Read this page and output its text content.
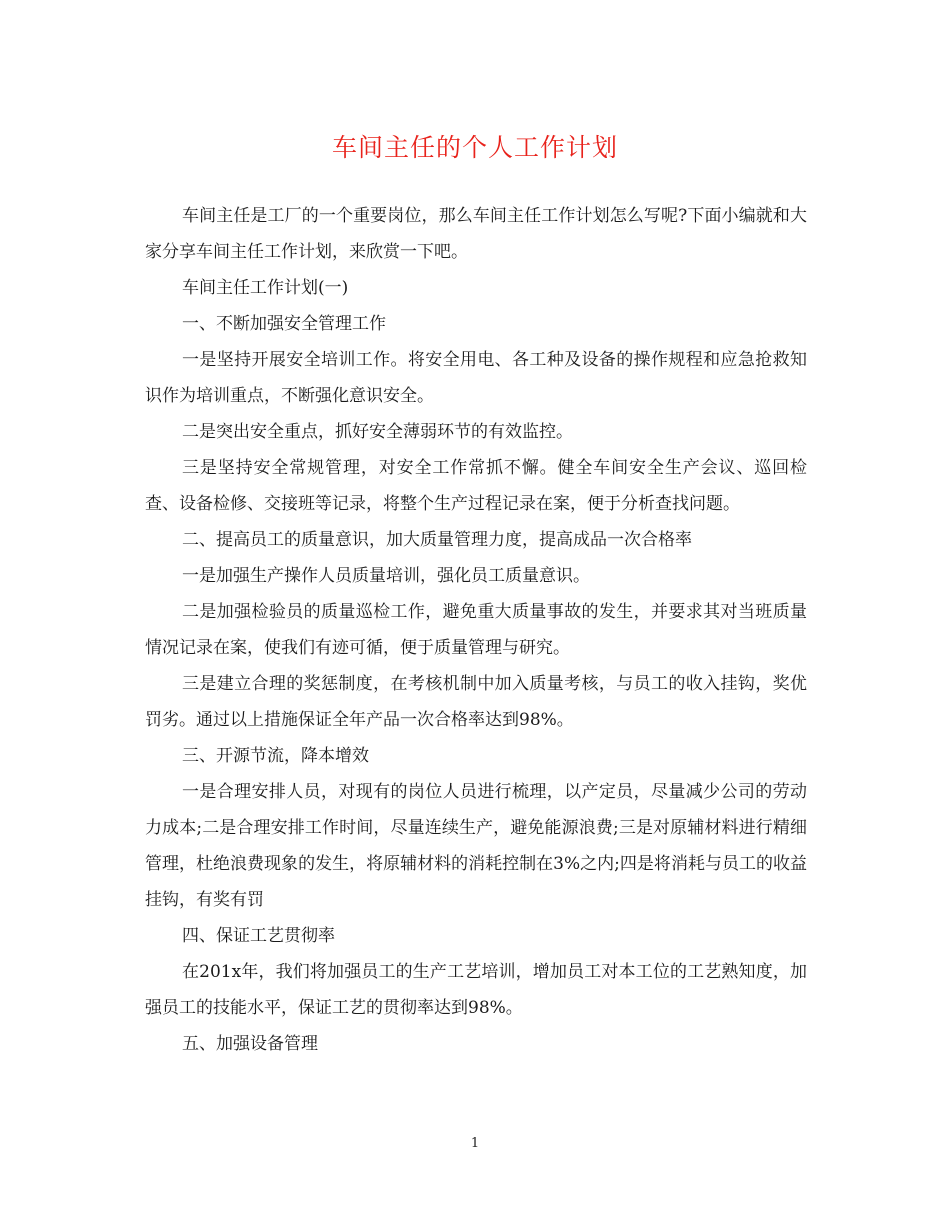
车间主任的个人工作计划

车间主任是工厂的一个重要岗位，那么车间主任工作计划怎么写呢?下面小编就和大家分享车间主任工作计划，来欣赏一下吧。

车间主任工作计划(一)

一、不断加强安全管理工作

一是坚持开展安全培训工作。将安全用电、各工种及设备的操作规程和应急抢救知识作为培训重点，不断强化意识安全。

二是突出安全重点，抓好安全薄弱环节的有效监控。

三是坚持安全常规管理，对安全工作常抓不懈。健全车间安全生产会议、巡回检查、设备检修、交接班等记录，将整个生产过程记录在案，便于分析查找问题。

二、提高员工的质量意识，加大质量管理力度，提高成品一次合格率

一是加强生产操作人员质量培训，强化员工质量意识。

二是加强检验员的质量巡检工作，避免重大质量事故的发生，并要求其对当班质量情况记录在案，使我们有迹可循，便于质量管理与研究。

三是建立合理的奖惩制度，在考核机制中加入质量考核，与员工的收入挂钩，奖优罚劣。通过以上措施保证全年产品一次合格率达到98%。

三、开源节流，降本增效

一是合理安排人员，对现有的岗位人员进行梳理，以产定员，尽量减少公司的劳动力成本;二是合理安排工作时间，尽量连续生产，避免能源浪费;三是对原辅材料进行精细管理，杜绝浪费现象的发生，将原辅材料的消耗控制在3%之内;四是将消耗与员工的收益挂钩，有奖有罚

四、保证工艺贯彻率

在201x年，我们将加强员工的生产工艺培训，增加员工对本工位的工艺熟知度，加强员工的技能水平，保证工艺的贯彻率达到98%。

五、加强设备管理

1
